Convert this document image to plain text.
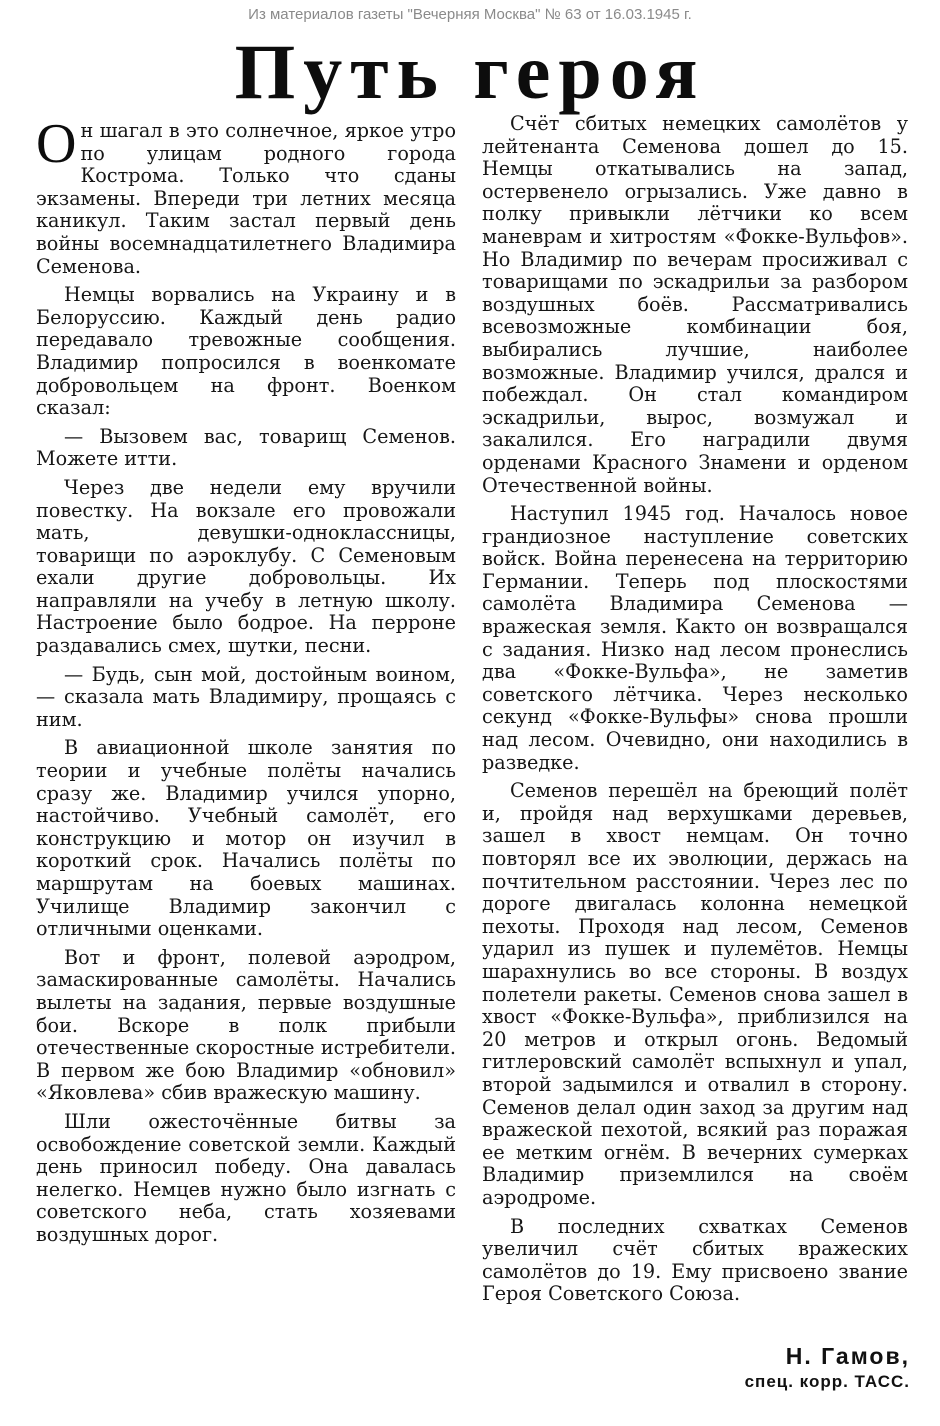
Из материалов газеты "Вечерняя Москва" № 63 от 16.03.1945 г.
Путь героя

Он шагал в это солнечное, яркое утро по улицам родного города Кострома. Только что сданы экзамены. Впереди три летних месяца каникул. Таким застал первый день войны восемнадцатилетнего Владимира Семенова.

Немцы ворвались на Украину и в Белоруссию. Каждый день радио передавало тревожные сообщения. Владимир попросился в военкомате добровольцем на фронт. Военком сказал:

— Вызовем вас, товарищ Семенов. Можете итти.

Через две недели ему вручили повестку. На вокзале его провожали мать, девушки-одноклассницы, товарищи по аэроклубу. С Семеновым ехали другие добровольцы. Их направляли на учебу в летную школу. Настроение было бодрое. На перроне раздавались смех, шутки, песни.

— Будь, сын мой, достойным воином, — сказала мать Владимиру, прощаясь с ним.

В авиационной школе занятия по теории и учебные полёты начались сразу же. Владимир учился упорно, настойчиво. Учебный самолёт, его конструкцию и мотор он изучил в короткий срок. Начались полёты по маршрутам на боевых машинах. Училище Владимир закончил с отличными оценками.

Вот и фронт, полевой аэродром, замаскированные самолёты. Начались вылеты на задания, первые воздушные бои. Вскоре в полк прибыли отечественные скоростные истребители. В первом же бою Владимир «обновил» «Яковлева» сбив вражескую машину.

Шли ожесточённые битвы за освобождение советской земли. Каждый день приносил победу. Она давалась нелегко. Немцев нужно было изгнать с советского неба, стать хозяевами воздушных дорог.

Счёт сбитых немецких самолётов у лейтенанта Семенова дошел до 15. Немцы откатывались на запад, остервенело огрызались. Уже давно в полку привыкли лётчики ко всем маневрам и хитростям «Фокке-Вульфов». Но Владимир по вечерам просиживал с товарищами по эскадрильи за разбором воздушных боёв. Рассматривались всевозможные комбинации боя, выбирались лучшие, наиболее возможные. Владимир учился, дрался и побеждал. Он стал командиром эскадрильи, вырос, возмужал и закалился. Его наградили двумя орденами Красного Знамени и орденом Отечественной войны.

Наступил 1945 год. Началось новое грандиозное наступление советских войск. Война перенесена на территорию Германии. Теперь под плоскостями самолёта Владимира Семенова — вражеская земля. Както он возвращался с задания. Низко над лесом пронеслись два «Фокке-Вульфа», не заметив советского лётчика. Через несколько секунд «Фокке-Вульфы» снова прошли над лесом. Очевидно, они находились в разведке.

Семенов перешёл на бреющий полёт и, пройдя над верхушками деревьев, зашел в хвост немцам. Он точно повторял все их эволюции, держась на почтительном расстоянии. Через лес по дороге двигалась колонна немецкой пехоты. Проходя над лесом, Семенов ударил из пушек и пулемётов. Немцы шарахнулись во все стороны. В воздух полетели ракеты. Семенов снова зашел в хвост «Фокке-Вульфа», приблизился на 20 метров и открыл огонь. Ведомый гитлеровский самолёт вспыхнул и упал, второй задымился и отвалил в сторону. Семенов делал один заход за другим над вражеской пехотой, всякий раз поражая ее метким огнём. В вечерних сумерках Владимир приземлился на своём аэродроме.

В последних схватках Семенов увеличил счёт сбитых вражеских самолётов до 19. Ему присвоено звание Героя Советского Союза.

Н. Гамов,
спец. корр. ТАСС.
